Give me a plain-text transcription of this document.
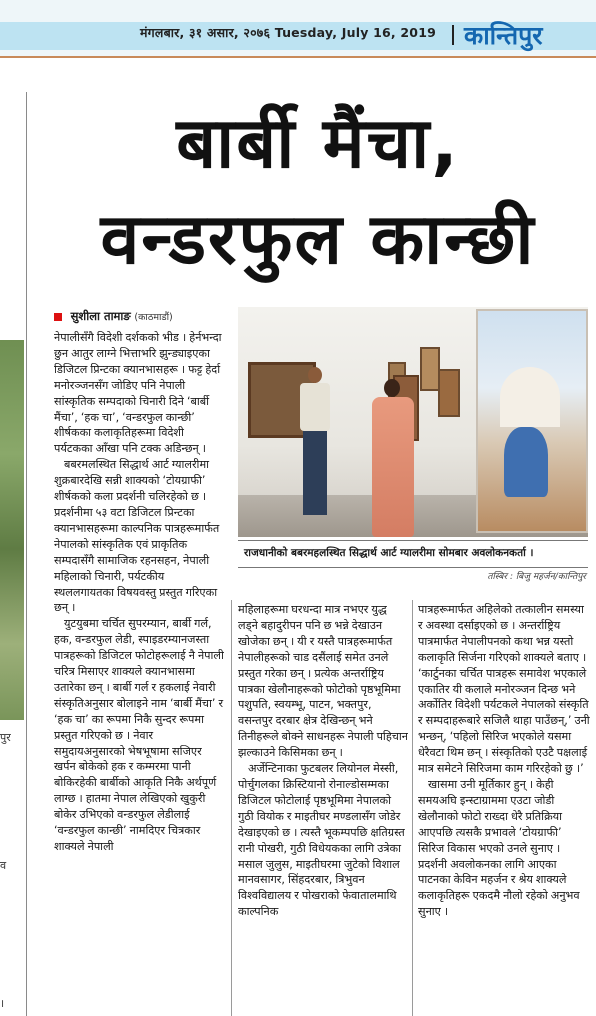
मंगलबार, ३१ असार, २०७६ Tuesday, July 16, 2019 कान्तिपुर
पुर
व
।
बार्बी मैंचा,
वन्डरफुल कान्छी
सुशीला तामाङ (काठमाडौं)
राजधानीको बबरमहलस्थित सिद्धार्थ आर्ट ग्यालरीमा सोमबार अवलोकनकर्ता ।
तस्बिर : बिजु महर्जन/कान्तिपुर

नेपालीसँगै विदेशी दर्शकको भीड । हेर्नभन्दा छुन आतुर लाग्ने भित्ताभरि झुन्ड्याइएका डिजिटल प्रिन्टका क्यानभासहरू । फट्ट हेर्दा मनोरञ्जनसँग जोडिए पनि नेपाली सांस्कृतिक सम्पदाको चिनारी दिने ‘बार्बी मैंचा’, ‘हक चा’, ‘वन्डरफुल कान्छी’ शीर्षकका कलाकृतिहरूमा विदेशी पर्यटकका आँखा पनि टक्क अडिन्छन् ।

बबरमलस्थित सिद्धार्थ आर्ट ग्यालरीमा शुक्रबारदेखि सन्नी शाक्यको ‘टोयग्राफी’ शीर्षकको कला प्रदर्शनी चलिरहेको छ । प्रदर्शनीमा ५३ वटा डिजिटल प्रिन्टका क्यानभासहरूमा काल्पनिक पात्रहरूमार्फत नेपालको सांस्कृतिक एवं प्राकृतिक सम्पदासँगै सामाजिक रहनसहन, नेपाली महिलाको चिनारी, पर्यटकीय स्थललगायतका विषयवस्तु प्रस्तुत गरिएका छन् ।

युटयुबमा चर्चित सुपरम्यान, बार्बी गर्ल, हक, वन्डरफुल लेडी, स्पाइडरम्यानजस्ता पात्रहरूको डिजिटल फोटोहरूलाई नै नेपाली चरित्र मिसाएर शाक्यले क्यानभासमा उतारेका छन् । बार्बी गर्ल र हकलाई नेवारी संस्कृतिअनुसार बोलाइने नाम ‘बार्बी मैंचा’ र ‘हक चा’ का रूपमा निकै सुन्दर रूपमा प्रस्तुत गरिएको छ । नेवार समुदायअनुसारको भेषभूषामा सजिएर खर्पन बोकेको हक र कम्मरमा पानी बोकिरहेकी बार्बीको आकृति निकै अर्थपूर्ण लाग्छ । हातमा नेपाल लेखिएको खुकुरी बोकेर उभिएको वन्डरफुल लेडीलाई ‘वन्डरफुल कान्छी’ नामदिएर चित्रकार शाक्यले नेपाली

महिलाहरूमा घरधन्दा मात्र नभएर युद्ध लड्ने बहादुरीपन पनि छ भन्ने देखाउन खोजेका छन् । यी र यस्तै पात्रहरूमार्फत नेपालीहरूको चाड दसैंलाई समेत उनले प्रस्तुत गरेका छन् । प्रत्येक अन्तर्राष्ट्रिय पात्रका खेलौनाहरूको फोटोको पृष्ठभूमिमा पशुपति, स्वयम्भू, पाटन, भक्तपुर, वसन्तपुर दरबार क्षेत्र देखिन्छन् भने तिनीहरूले बोक्ने साधनहरू नेपाली पहिचान झल्काउने किसिमका छन् ।

अर्जेन्टिनाका फुटबलर लियोनल मेस्सी, पोर्चुगलका क्रिस्टियानो रोनाल्डोसम्मका डिजिटल फोटोलाई पृष्ठभूमिमा नेपालको गुठी वियोक र माइतीघर मण्डलासँग जोडेर देखाइएको छ । त्यस्तै भूकम्पपछि क्षतिग्रस्त रानी पोखरी, गुठी विधेयकका लागि उत्रेका मसाल जुलुस, माइतीघरमा जुटेको विशाल मानवसागर, सिंहदरबार, त्रिभुवन विश्वविद्यालय र पोखराको फेवातालमाथि काल्पनिक

पात्रहरूमार्फत अहिलेको तत्कालीन समस्या र अवस्था दर्साइएको छ । अन्तर्राष्ट्रिय पात्रमार्फत नेपालीपनको कथा भन्न यस्तो कलाकृति सिर्जना गरिएको शाक्यले बताए । ‘कार्टुनका चर्चित पात्रहरू समावेश भएकाले एकातिर यी कलाले मनोरञ्जन दिन्छ भने अर्कोतिर विदेशी पर्यटकले नेपालको संस्कृति र सम्पदाहरूबारे सजिलै थाहा पाउँछन्,’ उनी भन्छन्, ‘पहिलो सिरिज भएकोले यसमा धेरैवटा थिम छन् । संस्कृतिको एउटै पक्षलाई मात्र समेटने सिरिजमा काम गरिरहेको छु ।’

खासमा उनी मूर्तिकार हुन् । केही समयअघि इन्स्टाग्राममा एउटा जोडी खेलौनाको फोटो राख्दा धेरै प्रतिक्रिया आएपछि त्यसकै प्रभावले ‘टोयग्राफी’ सिरिज विकास भएको उनले सुनाए । प्रदर्शनी अवलोकनका लागि आएका पाटनका केविन महर्जन र श्रेय शाक्यले कलाकृतिहरू एकदमै नौलो रहेको अनुभव सुनाए ।
